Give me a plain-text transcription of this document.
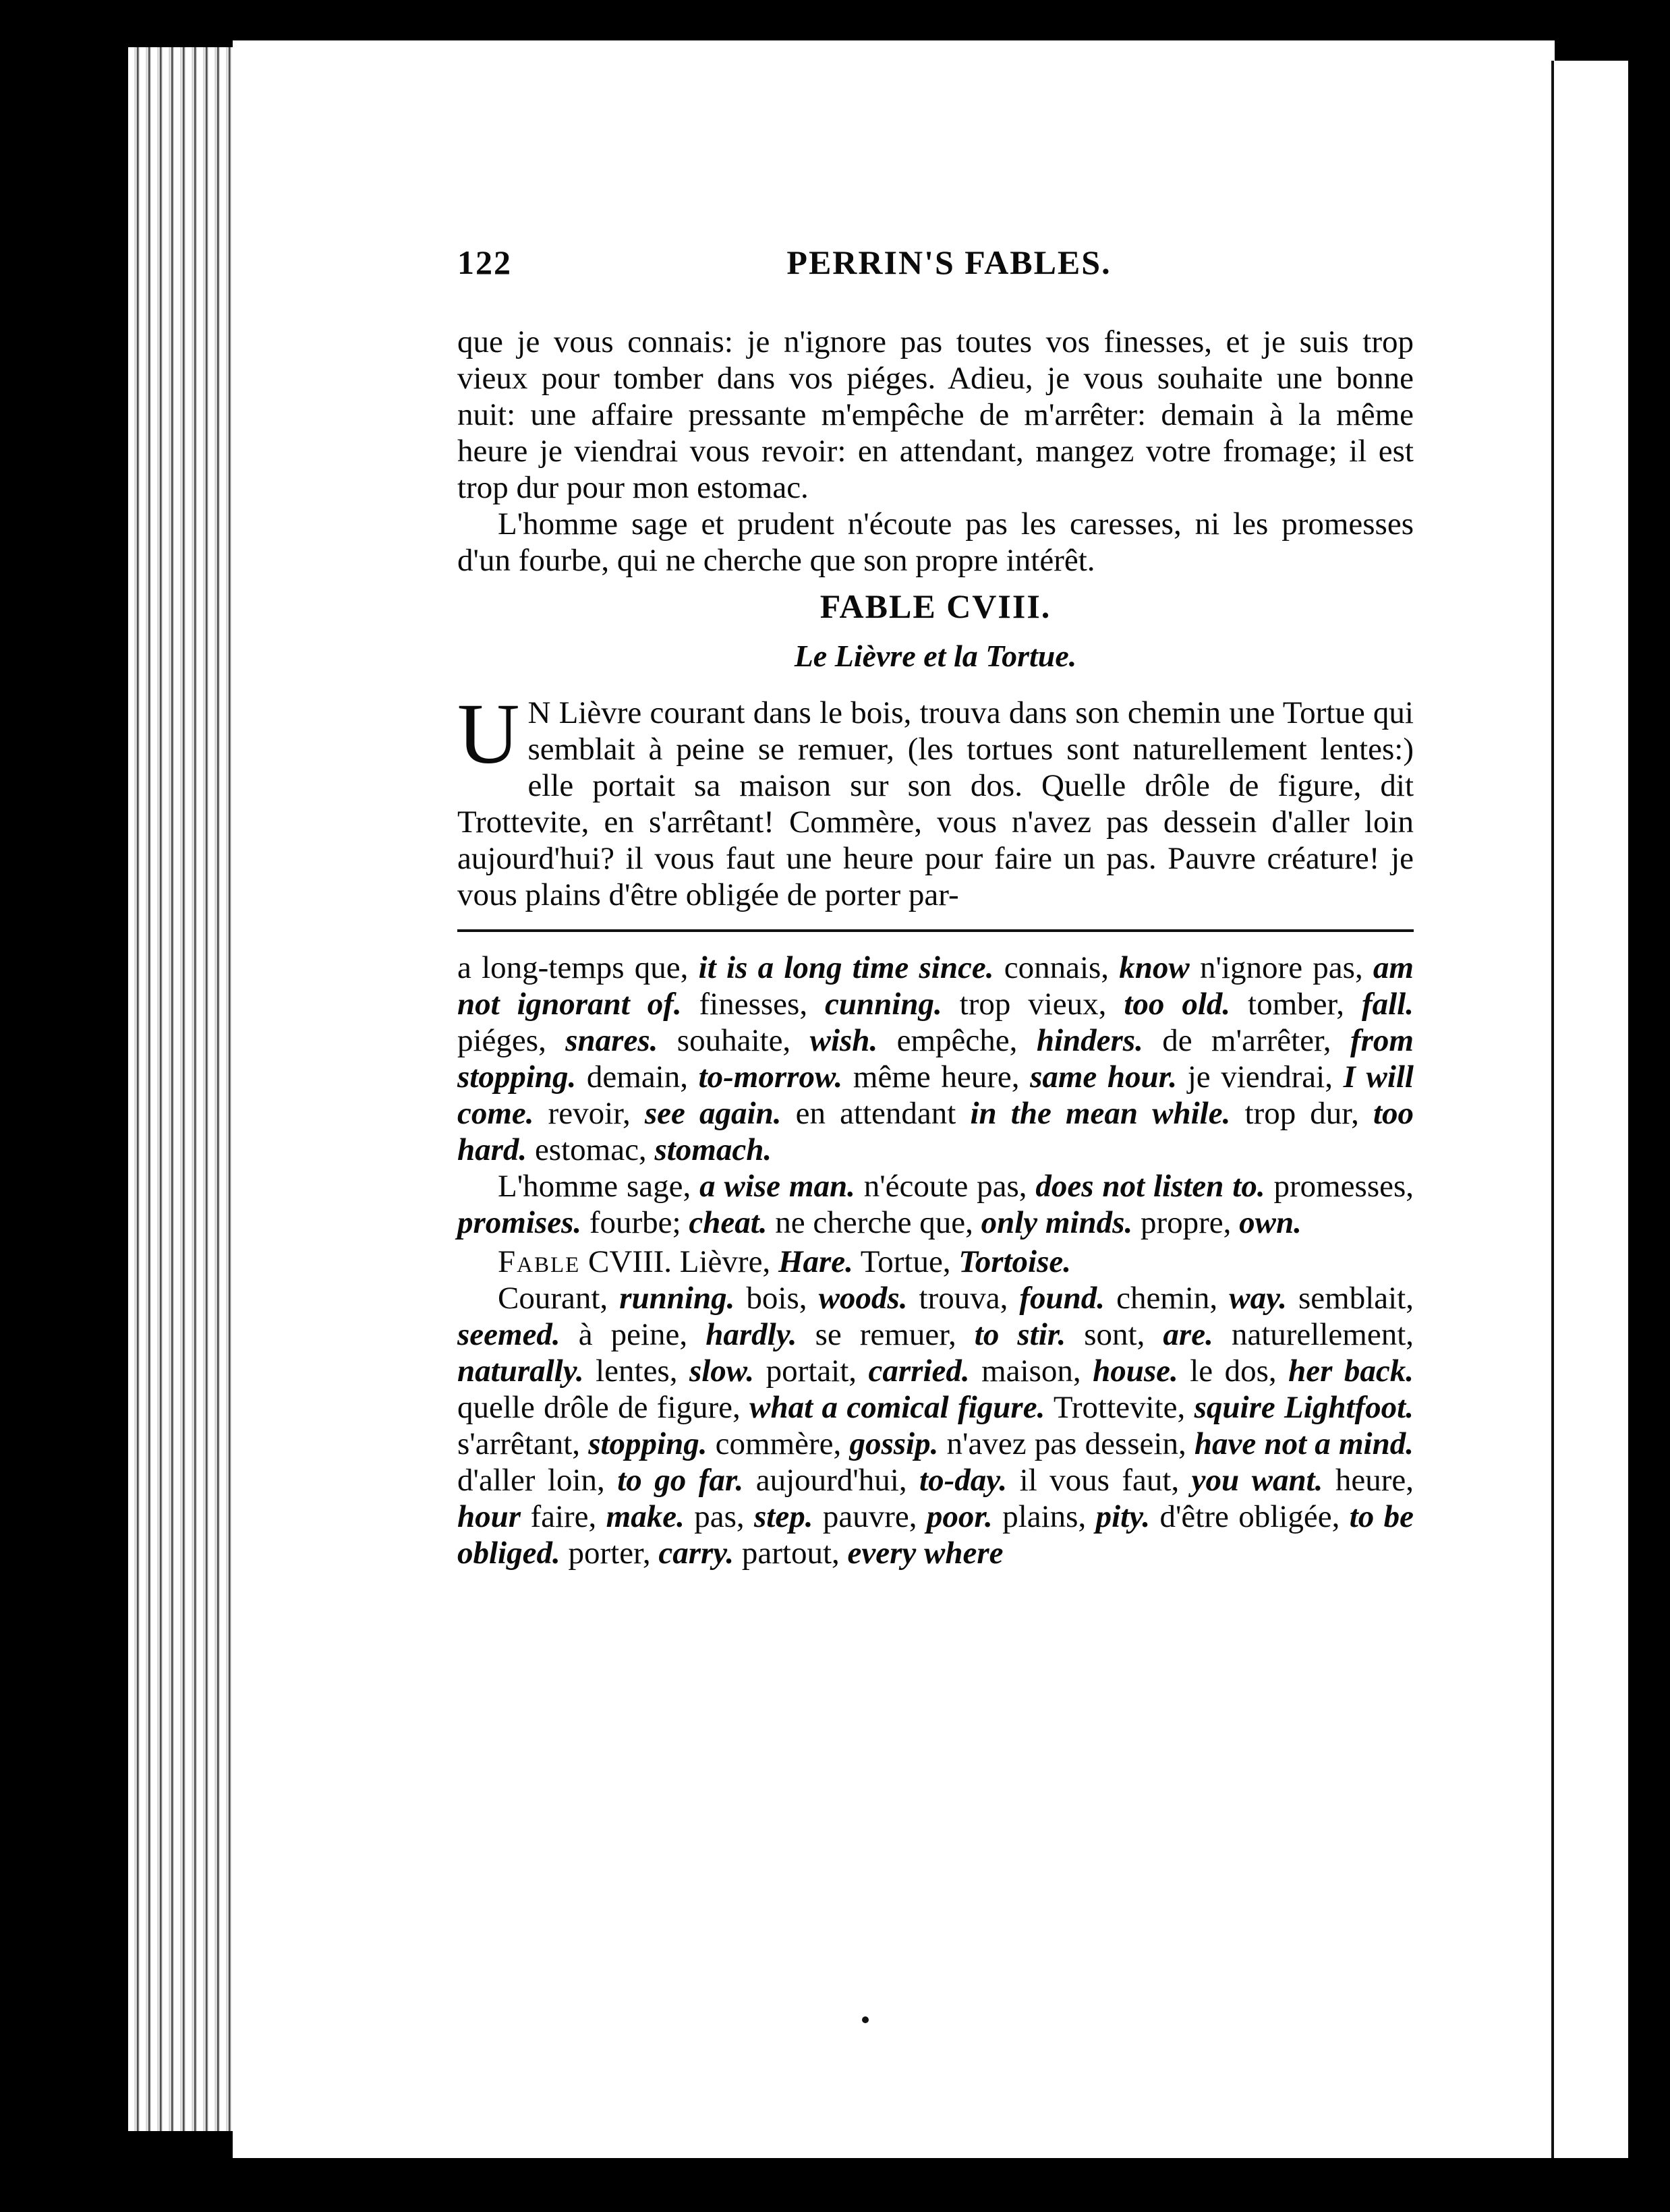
122	PERRIN'S FABLES.

que je vous connais: je n'ignore pas toutes vos finesses, et je suis trop vieux pour tomber dans vos piéges. Adieu, je vous souhaite une bonne nuit: une affaire pressante m'empêche de m'arrêter: demain à la même heure je viendrai vous revoir: en attendant, mangez votre fromage; il est trop dur pour mon estomac.

L'homme sage et prudent n'écoute pas les caresses, ni les promesses d'un fourbe, qui ne cherche que son propre intérêt.

FABLE CVIII.
Le Lièvre et la Tortue.

U N Lièvre courant dans le bois, trouva dans son chemin une Tortue qui semblait à peine se remuer, (les tortues sont naturellement lentes:) elle portait sa maison sur son dos. Quelle drôle de figure, dit Trottevite, en s'arrêtant! Commère, vous n'avez pas dessein d'aller loin aujourd'hui? il vous faut une heure pour faire un pas. Pauvre créature! je vous plains d'être obligée de porter par-

a long-temps que, it is a long time since. connais, know n'ignore pas, am not ignorant of. finesses, cunning. trop vieux, too old. tomber, fall. piéges, snares. souhaite, wish. empêche, hinders. de m'arrêter, from stopping. demain, to-morrow. même heure, same hour. je viendrai, I will come. revoir, see again. en attendant in the mean while. trop dur, too hard. estomac, stomach.

L'homme sage, a wise man. n'écoute pas, does not listen to. promesses, promises. fourbe; cheat. ne cherche que, only minds. propre, own.

Fable CVIII. Lièvre, Hare. Tortue, Tortoise.

Courant, running. bois, woods. trouva, found. chemin, way. semblait, seemed. à peine, hardly. se remuer, to stir. sont, are. naturellement, naturally. lentes, slow. portait, carried. maison, house. le dos, her back. quelle drôle de figure, what a comical figure. Trottevite, squire Lightfoot. s'arrêtant, stopping. commère, gossip. n'avez pas dessein, have not a mind. d'aller loin, to go far. aujourd'hui, to-day. il vous faut, you want. heure, hour faire, make. pas, step. pauvre, poor. plains, pity. d'être obligée, to be obliged. porter, carry. partout, every where
